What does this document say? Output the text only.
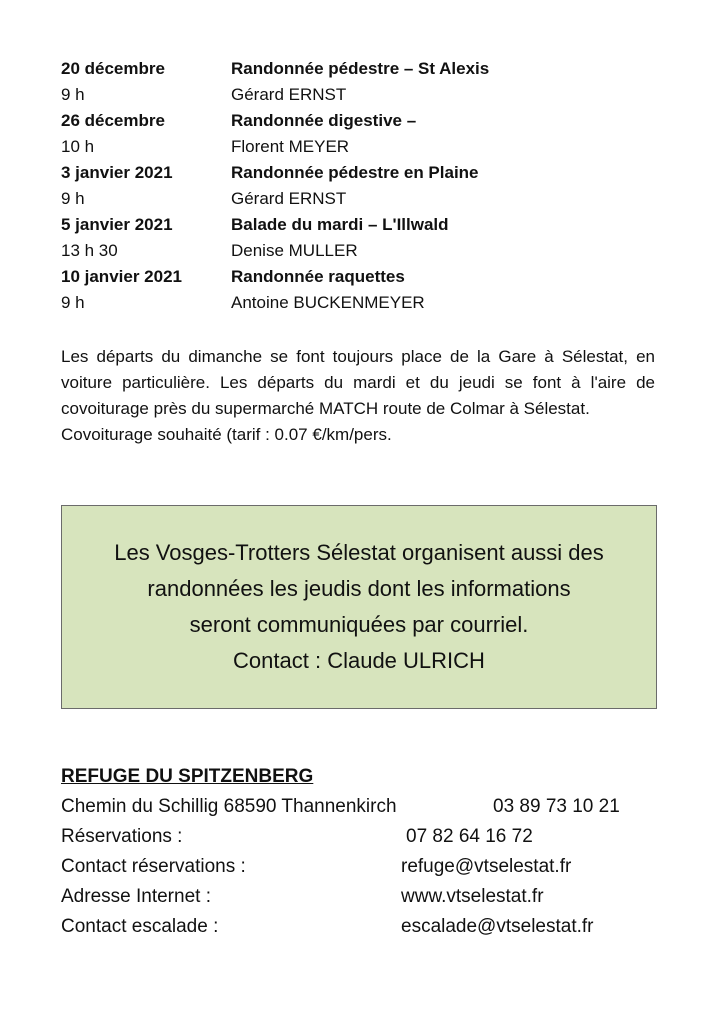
20 décembre	Randonnée pédestre – St Alexis
9 h	Gérard ERNST
26 décembre	Randonnée digestive –
10 h	Florent MEYER
3 janvier 2021	Randonnée pédestre en Plaine
9 h	Gérard ERNST
5 janvier 2021	Balade du mardi – L'Illwald
13 h 30	Denise MULLER
10 janvier 2021	Randonnée raquettes
9 h	Antoine BUCKENMEYER

Les départs du dimanche se font toujours place de la Gare à Sélestat, en voiture particulière. Les départs du mardi et du jeudi se font à l'aire de covoiturage près du supermarché MATCH route de Colmar à Sélestat.

Covoiturage souhaité (tarif : 0.07 €/km/pers.

Les Vosges-Trotters Sélestat organisent aussi des
randonnées les jeudis dont les informations
seront communiquées par courriel.
Contact : Claude ULRICH
REFUGE DU SPITZENBERG
Chemin du Schillig 68590 Thannenkirch	03 89 73 10 21
Réservations :	07 82 64 16 72
Contact réservations :	refuge@vtselestat.fr
Adresse Internet :	www.vtselestat.fr
Contact escalade :	escalade@vtselestat.fr
